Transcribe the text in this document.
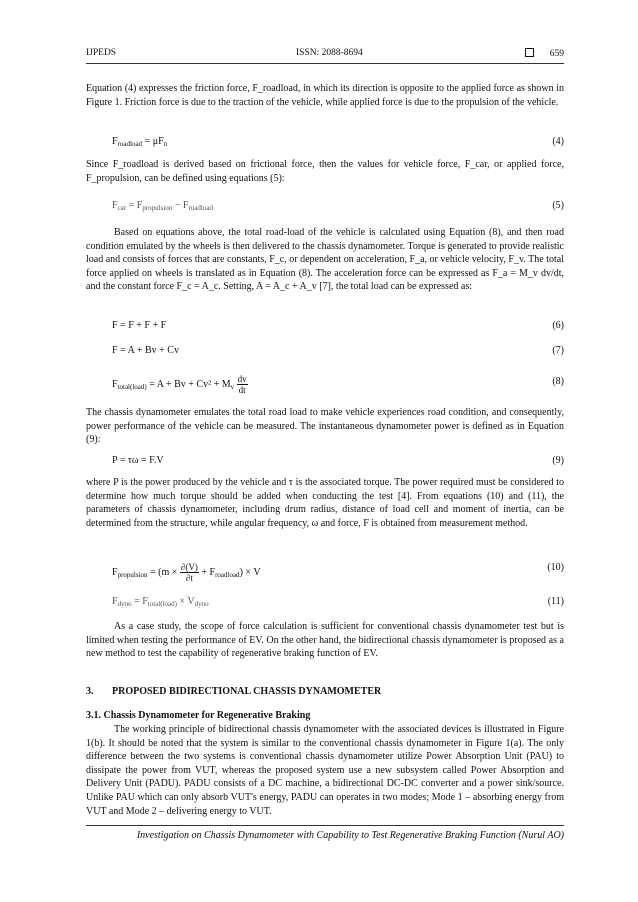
IJPEDS	ISSN: 2088-8694	659

Equation (4) expresses the friction force, F_roadload, in which its direction is opposite to the applied force as shown in Figure 1. Friction force is due to the traction of the vehicle, while applied force is due to the propulsion of the vehicle.

$F_{roadload} = \mu F_n$	(4)

Since F_roadload is derived based on frictional force, then the values for vehicle force, F_car, or applied force, F_propulsion, can be defined using equations (5):

$F_{car} = F_{propulsion} - F_{roadload}$	(5)

Based on equations above, the total road-load of the vehicle is calculated using Equation (8), and then road condition emulated by the wheels is then delivered to the chassis dynamometer. Torque is generated to provide realistic load and consists of forces that are constants, F_c, or dependent on acceleration, F_a, or vehicle velocity, F_v. The total force applied on wheels is translated as in Equation (8). The acceleration force can be expressed as F_a = M_v dv/dt, and the constant force F_c = A_c. Setting, A = A_c + A_v [7], the total load can be expressed as:

F = F + F + F	(6)
F = A + Bv + Cv	(7)
$F_{total(load)} = A + Bv + Cv^2 + M_v \frac{dv}{dt}$	(8)

The chassis dynamometer emulates the total road load to make vehicle experiences road condition, and consequently, power performance of the vehicle can be measured. The instantaneous dynamometer power is defined as in Equation (9):

P = τω = F.V	(9)

where P is the power produced by the vehicle and τ is the associated torque. The power required must be considered to determine how much torque should be added when conducting the test [4]. From equations (10) and (11), the parameters of chassis dynamometer, including drum radius, distance of load cell and moment of inertia, can be determined from the structure, while angular frequency, ω and force, F is obtained from measurement method.

$F_{propulsion} = (m \times \frac{\partial(V)}{\partial t} + F_{roadload}) \times V$	(10)
$F_{dyno} = F_{total(load)} \times V_{dyno}$	(11)

As a case study, the scope of force calculation is sufficient for conventional chassis dynamometer test but is limited when testing the performance of EV. On the other hand, the bidirectional chassis dynamometer is proposed as a new method to test the capability of regenerative braking function of EV.

3. PROPOSED BIDIRECTIONAL CHASSIS DYNAMOMETER
3.1. Chassis Dynamometer for Regenerative Braking

The working principle of bidirectional chassis dynamometer with the associated devices is illustrated in Figure 1(b). It should be noted that the system is similar to the conventional chassis dynamometer in Figure 1(a). The only difference between the two systems is conventional chassis dynamometer utilize Power Absorption Unit (PAU) to dissipate the power from VUT, whereas the proposed system use a new subsystem called Power Absorption and Delivery Unit (PADU). PADU consists of a DC machine, a bidirectional DC-DC converter and a power sink/source. Unlike PAU which can only absorb VUT's energy, PADU can operates in two modes; Mode 1 – absorbing energy from VUT and Mode 2 – delivering energy to VUT.

Investigation on Chassis Dynamometer with Capability to Test Regenerative Braking Function (Nurul AO)
